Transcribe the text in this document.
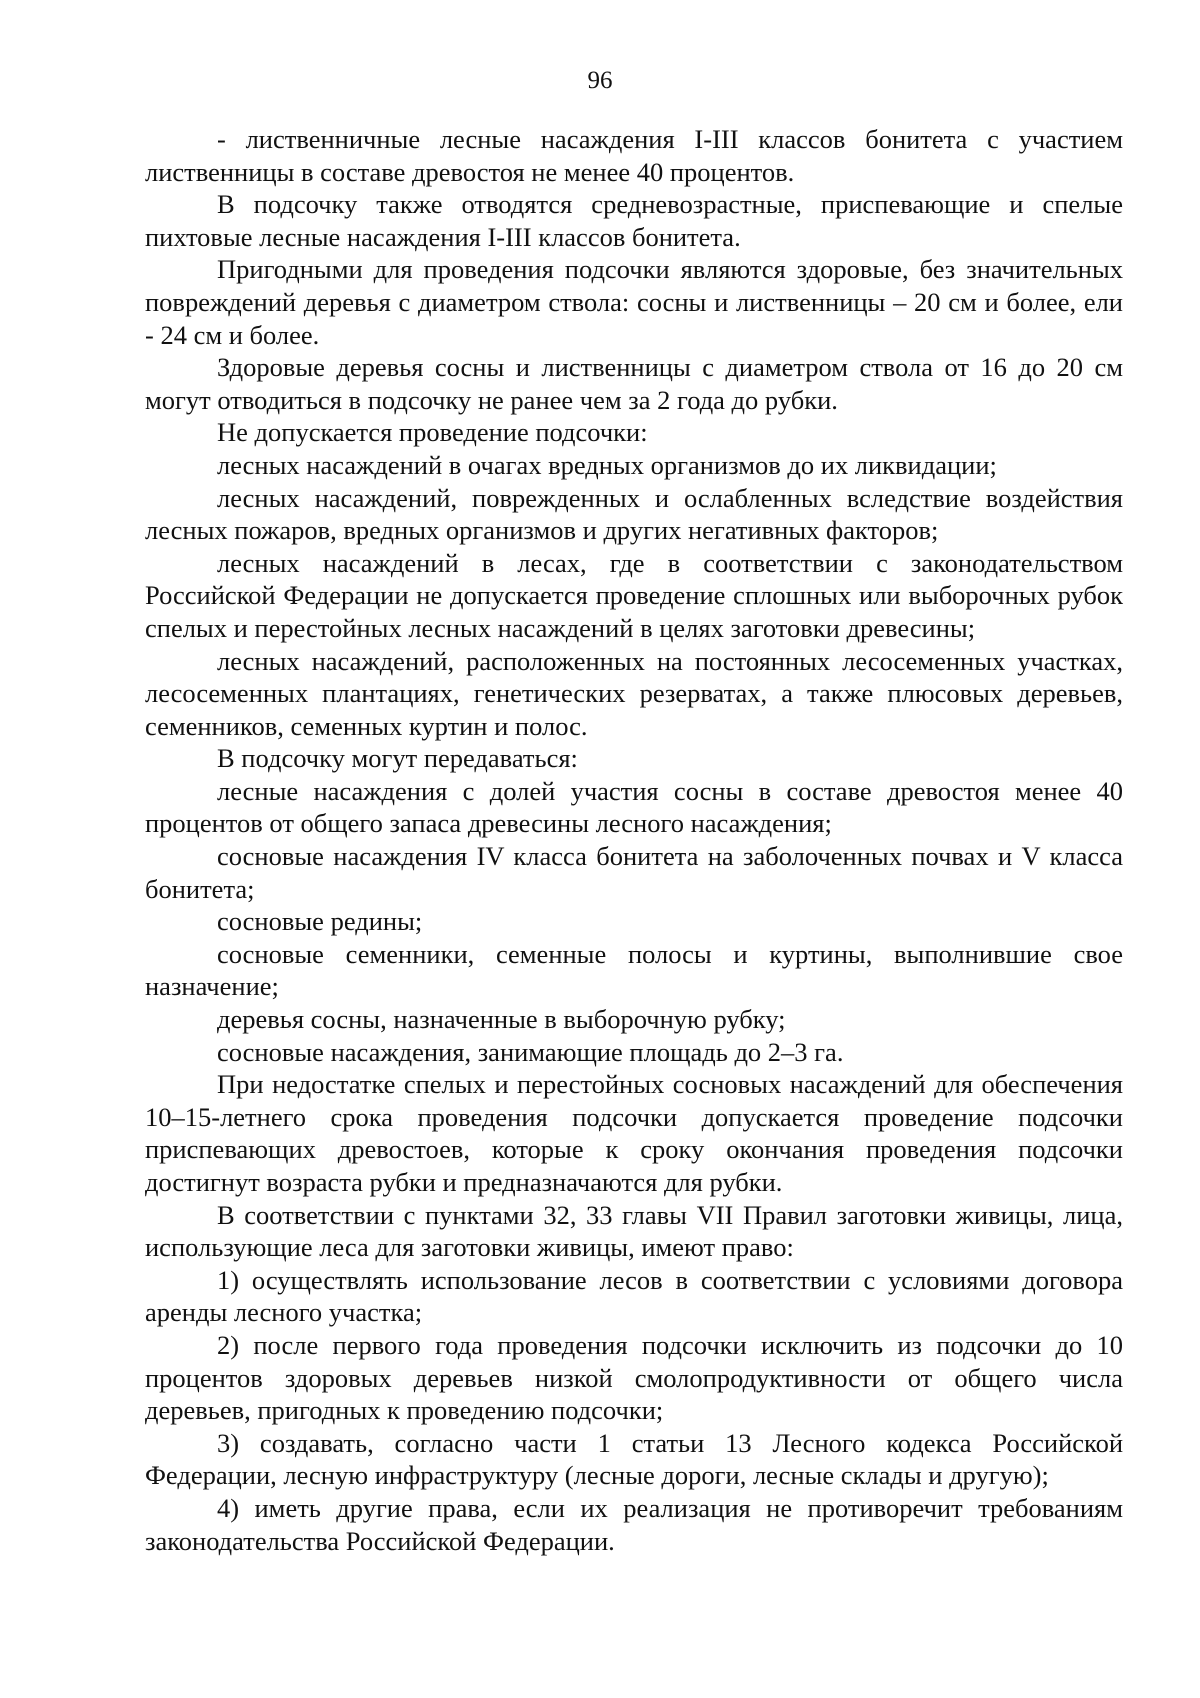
96

- лиственничные лесные насаждения I-III классов бонитета с участием лиственницы в составе древостоя не менее 40 процентов.

В подсочку также отводятся средневозрастные, приспевающие и спелые пихтовые лесные насаждения I-III классов бонитета.

Пригодными для проведения подсочки являются здоровые, без значительных повреждений деревья с диаметром ствола: сосны и лиственницы – 20 см и более, ели - 24 см и более.

Здоровые деревья сосны и лиственницы с диаметром ствола от 16 до 20 см могут отводиться в подсочку не ранее чем за 2 года до рубки.

Не допускается проведение подсочки:

лесных насаждений в очагах вредных организмов до их ликвидации;

лесных насаждений, поврежденных и ослабленных вследствие воздействия лесных пожаров, вредных организмов и других негативных факторов;

лесных насаждений в лесах, где в соответствии с законодательством Российской Федерации не допускается проведение сплошных или выборочных рубок спелых и перестойных лесных насаждений в целях заготовки древесины;

лесных насаждений, расположенных на постоянных лесосеменных участках, лесосеменных плантациях, генетических резерватах, а также плюсовых деревьев, семенников, семенных куртин и полос.

В подсочку могут передаваться:

лесные насаждения с долей участия сосны в составе древостоя менее 40 процентов от общего запаса древесины лесного насаждения;

сосновые насаждения IV класса бонитета на заболоченных почвах и V класса бонитета;

сосновые редины;

сосновые семенники, семенные полосы и куртины, выполнившие свое назначение;

деревья сосны, назначенные в выборочную рубку;

сосновые насаждения, занимающие площадь до 2–3 га.

При недостатке спелых и перестойных сосновых насаждений для обеспечения 10–15-летнего срока проведения подсочки допускается проведение подсочки приспевающих древостоев, которые к сроку окончания проведения подсочки достигнут возраста рубки и предназначаются для рубки.

В соответствии с пунктами 32, 33 главы VII Правил заготовки живицы, лица, использующие леса для заготовки живицы, имеют право:

1) осуществлять использование лесов в соответствии с условиями договора аренды лесного участка;

2) после первого года проведения подсочки исключить из подсочки до 10 процентов здоровых деревьев низкой смолопродуктивности от общего числа деревьев, пригодных к проведению подсочки;

3) создавать, согласно части 1 статьи 13 Лесного кодекса Российской Федерации, лесную инфраструктуру (лесные дороги, лесные склады и другую);

4) иметь другие права, если их реализация не противоречит требованиям законодательства Российской Федерации.
